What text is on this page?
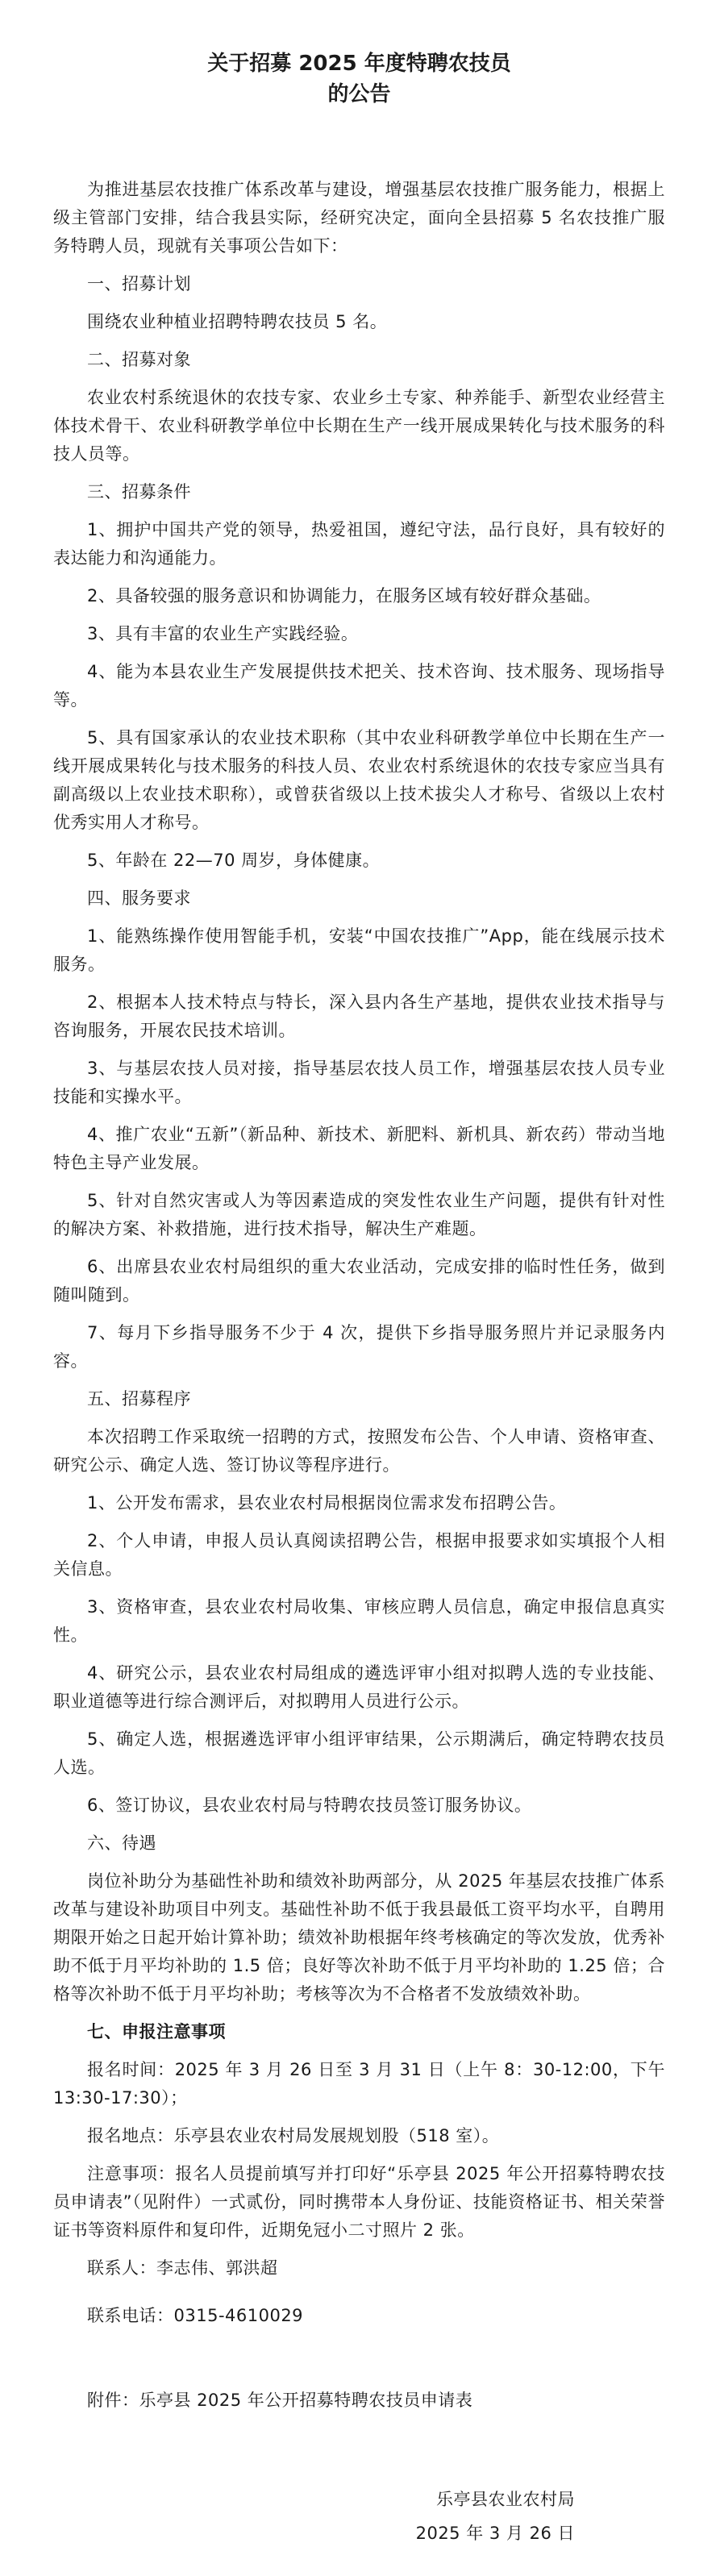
关于招募 2025 年度特聘农技员
的公告

为推进基层农技推广体系改革与建设，增强基层农技推广服务能力，根据上级主管部门安排，结合我县实际，经研究决定，面向全县招募 5 名农技推广服务特聘人员，现就有关事项公告如下：

一、招募计划

围绕农业种植业招聘特聘农技员 5 名。

二、招募对象

农业农村系统退休的农技专家、农业乡土专家、种养能手、新型农业经营主体技术骨干、农业科研教学单位中长期在生产一线开展成果转化与技术服务的科技人员等。

三、招募条件

1、拥护中国共产党的领导，热爱祖国，遵纪守法，品行良好，具有较好的表达能力和沟通能力。

2、具备较强的服务意识和协调能力，在服务区域有较好群众基础。

3、具有丰富的农业生产实践经验。

4、能为本县农业生产发展提供技术把关、技术咨询、技术服务、现场指导等。

5、具有国家承认的农业技术职称（其中农业科研教学单位中长期在生产一线开展成果转化与技术服务的科技人员、农业农村系统退休的农技专家应当具有副高级以上农业技术职称），或曾获省级以上技术拔尖人才称号、省级以上农村优秀实用人才称号。

5、年龄在 22—70 周岁，身体健康。

四、服务要求

1、能熟练操作使用智能手机，安装“中国农技推广”App，能在线展示技术服务。

2、根据本人技术特点与特长，深入县内各生产基地，提供农业技术指导与咨询服务，开展农民技术培训。

3、与基层农技人员对接，指导基层农技人员工作，增强基层农技人员专业技能和实操水平。

4、推广农业“五新”（新品种、新技术、新肥料、新机具、新农药）带动当地特色主导产业发展。

5、针对自然灾害或人为等因素造成的突发性农业生产问题，提供有针对性的解决方案、补救措施，进行技术指导，解决生产难题。

6、出席县农业农村局组织的重大农业活动，完成安排的临时性任务，做到随叫随到。

7、每月下乡指导服务不少于 4 次，提供下乡指导服务照片并记录服务内容。

五、招募程序

本次招聘工作采取统一招聘的方式，按照发布公告、个人申请、资格审查、研究公示、确定人选、签订协议等程序进行。

1、公开发布需求，县农业农村局根据岗位需求发布招聘公告。

2、个人申请，申报人员认真阅读招聘公告，根据申报要求如实填报个人相关信息。

3、资格审查，县农业农村局收集、审核应聘人员信息，确定申报信息真实性。

4、研究公示，县农业农村局组成的遴选评审小组对拟聘人选的专业技能、职业道德等进行综合测评后，对拟聘用人员进行公示。

5、确定人选，根据遴选评审小组评审结果，公示期满后，确定特聘农技员人选。

6、签订协议，县农业农村局与特聘农技员签订服务协议。

六、待遇

岗位补助分为基础性补助和绩效补助两部分，从 2025 年基层农技推广体系改革与建设补助项目中列支。基础性补助不低于我县最低工资平均水平，自聘用期限开始之日起开始计算补助；绩效补助根据年终考核确定的等次发放，优秀补助不低于月平均补助的 1.5 倍；良好等次补助不低于月平均补助的 1.25 倍；合格等次补助不低于月平均补助；考核等次为不合格者不发放绩效补助。

七、申报注意事项

报名时间：2025 年 3 月 26 日至 3 月 31 日（上午 8：30-12:00，下午 13:30-17:30）；

报名地点：乐亭县农业农村局发展规划股（518 室）。

注意事项：报名人员提前填写并打印好“乐亭县 2025 年公开招募特聘农技员申请表”（见附件）一式贰份，同时携带本人身份证、技能资格证书、相关荣誉证书等资料原件和复印件，近期免冠小二寸照片 2 张。

联系人：李志伟、郭洪超

联系电话：0315-4610029

附件：乐亭县 2025 年公开招募特聘农技员申请表

乐亭县农业农村局
2025 年 3 月 26 日
